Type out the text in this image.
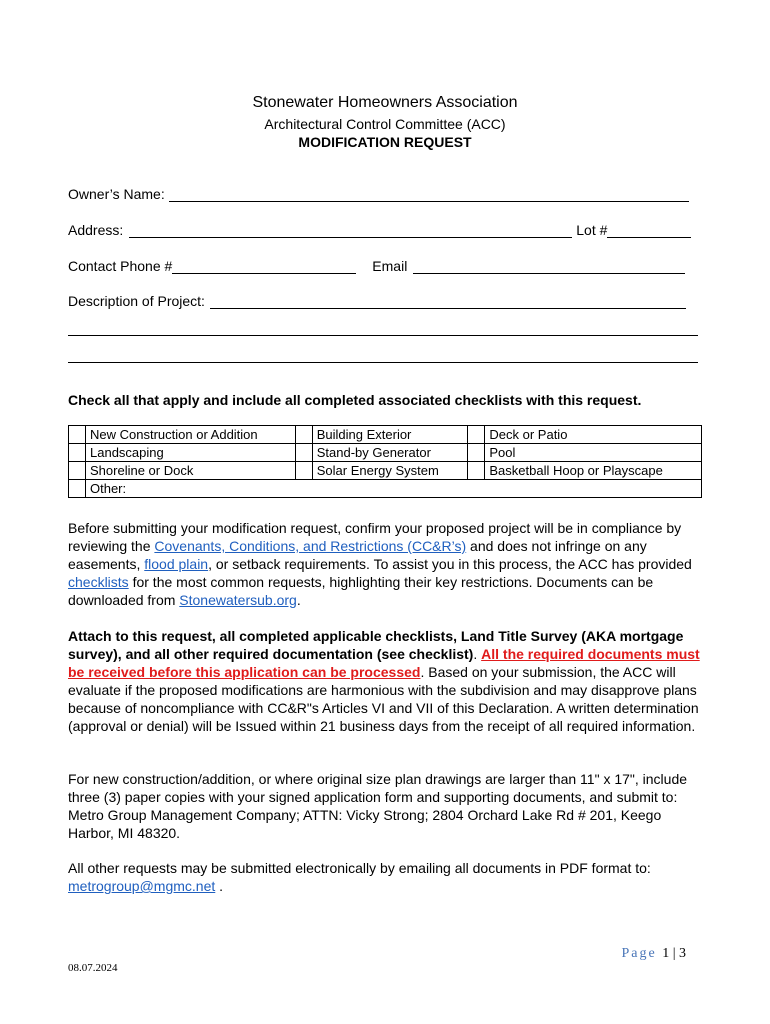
Stonewater Homeowners Association
Architectural Control Committee (ACC)
MODIFICATION REQUEST
Owner’s Name:
Address:	Lot #
Contact Phone #	Email
Description of Project:
Check all that apply and include all completed associated checklists with this request.
	New Construction or Addition		Building Exterior		Deck or Patio
	Landscaping		Stand-by Generator		Pool
	Shoreline or Dock		Solar Energy System		Basketball Hoop or Playscape
	Other:				
Before submitting your modification request, confirm your proposed project will be in compliance by reviewing the Covenants, Conditions, and Restrictions (CC&R’s) and does not infringe on any easements, flood plain, or setback requirements. To assist you in this process, the ACC has provided checklists for the most common requests, highlighting their key restrictions. Documents can be downloaded from Stonewatersub.org.
Attach to this request, all completed applicable checklists, Land Title Survey (AKA mortgage survey), and all other required documentation (see checklist). All the required documents must be received before this application can be processed. Based on your submission, the ACC will evaluate if the proposed modifications are harmonious with the subdivision and may disapprove plans because of noncompliance with CC&R"s Articles VI and VII of this Declaration. A written determination (approval or denial) will be Issued within 21 business days from the receipt of all required information.
For new construction/addition, or where original size plan drawings are larger than 11" x 17", include three (3) paper copies with your signed application form and supporting documents, and submit to: Metro Group Management Company; ATTN: Vicky Strong; 2804 Orchard Lake Rd # 201, Keego Harbor, MI 48320.
All other requests may be submitted electronically by emailing all documents in PDF format to: metrogroup@mgmc.net .
Page 1 | 3
08.07.2024
